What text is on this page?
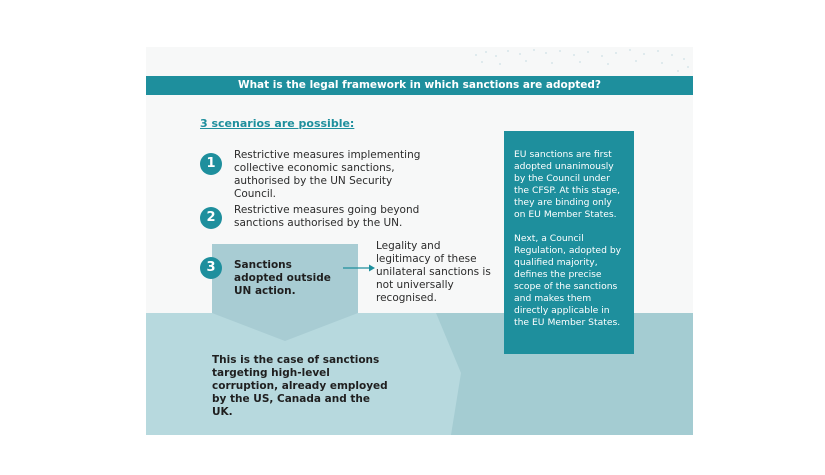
What is the legal framework in which sanctions are adopted?
3 scenarios are possible:
1
Restrictive measures implementing collective economic sanctions, authorised by the UN Security Council.
2	Restrictive measures going beyond sanctions authorised by the UN.
3	Sanctions adopted outside UN action.
Legality and legitimacy of these unilateral sanctions is not universally recognised.
This is the case of sanctions targeting high-level corruption, already employed by the US, Canada and the UK.

EU sanctions are first adopted unanimously by the Council under the CFSP. At this stage, they are binding only on EU Member States.

Next, a Council Regulation, adopted by qualified majority, defines the precise scope of the sanctions and makes them directly applicable in the EU Member States.
